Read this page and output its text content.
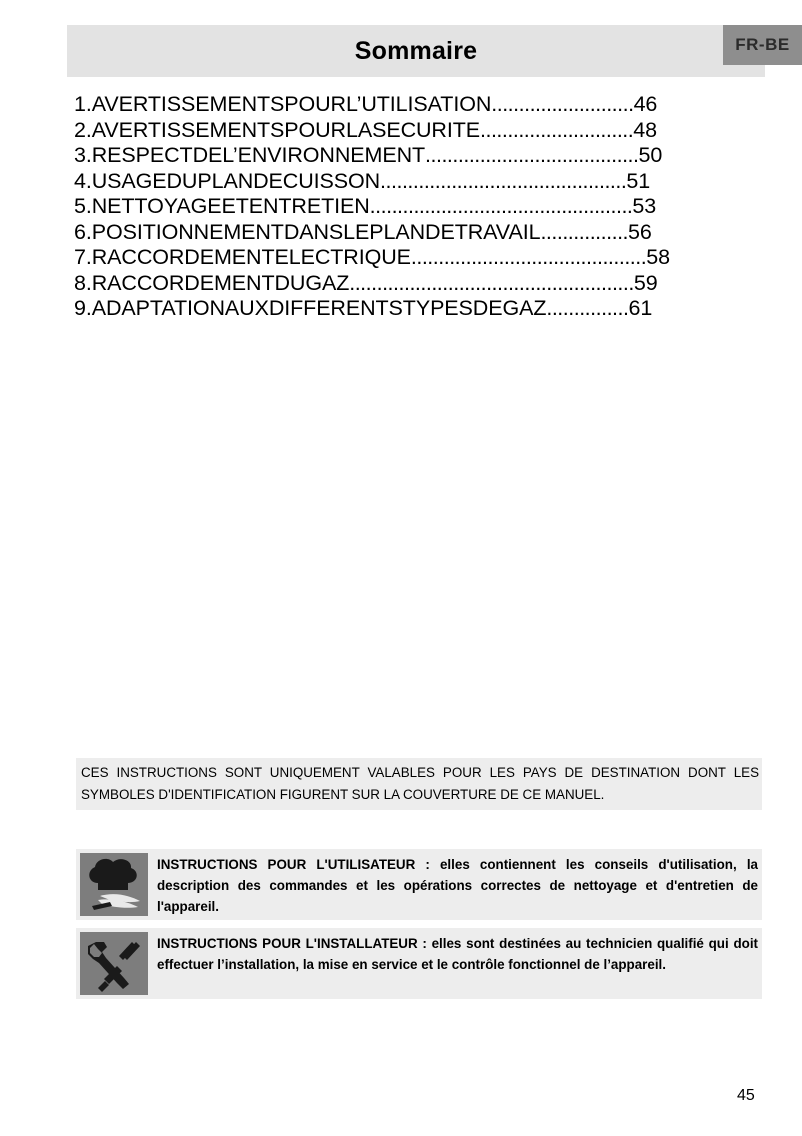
Sommaire	FR-BE
1.AVERTISSEMENTSPOURL’UTILISATION..........................46
2.AVERTISSEMENTSPOURLASECURITE............................48
3.RESPECTDEL’ENVIRONNEMENT.......................................50
4.USAGEDUPLANDECUISSON.............................................51
5.NETTOYAGEETENTRETIEN................................................53
6.POSITIONNEMENTDANSLEPLANDETRAVAIL................56
7.RACCORDEMENTELECTRIQUE...........................................58
8.RACCORDEMENTDUGAZ....................................................59
9.ADAPTATIONAUXDIFFERENTSTYPESDEGAZ...............61
CES INSTRUCTIONS SONT UNIQUEMENT VALABLES POUR LES PAYS DE DESTINATION DONT LES SYMBOLES D'IDENTIFICATION FIGURENT SUR LA COUVERTURE DE CE MANUEL.
INSTRUCTIONS POUR L'UTILISATEUR : elles contiennent les conseils d'utilisation, la description des commandes et les opérations correctes de nettoyage et d'entretien de l'appareil.
INSTRUCTIONS POUR L'INSTALLATEUR : elles sont destinées au technicien qualifié qui doit effectuer l’installation, la mise en service et le contrôle fonctionnel de l’appareil.
45
